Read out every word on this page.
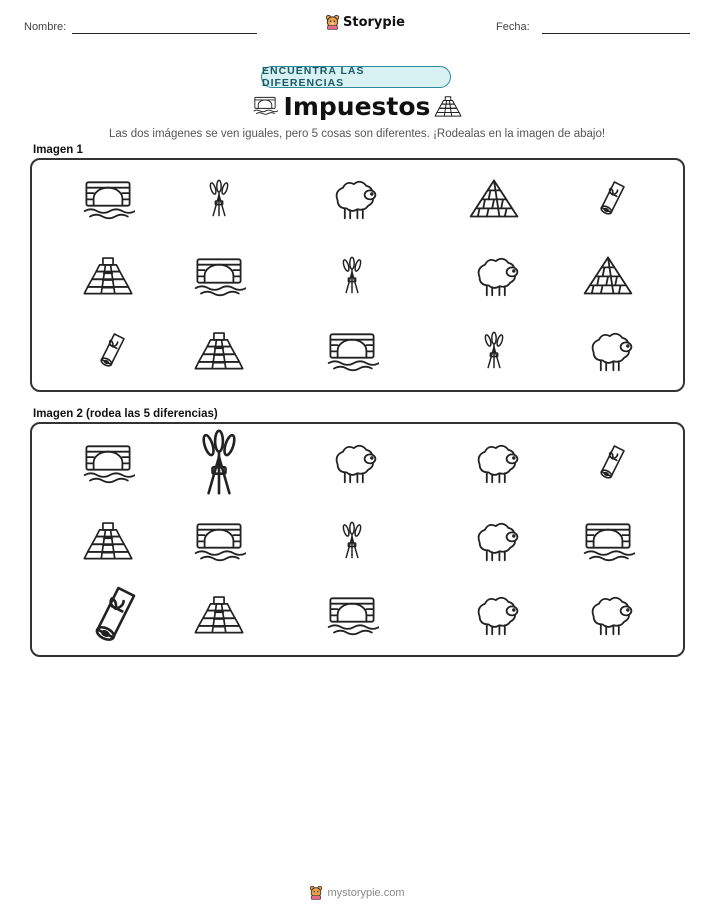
Nombre:	Storypie	Fecha:
ENCUENTRA LAS DIFERENCIAS
Impuestos
Las dos imágenes se ven iguales, pero 5 cosas son diferentes. ¡Rodealas en la imagen de abajo!
Imagen 1
Imagen 2 (rodea las 5 diferencias)
mystorypie.com
